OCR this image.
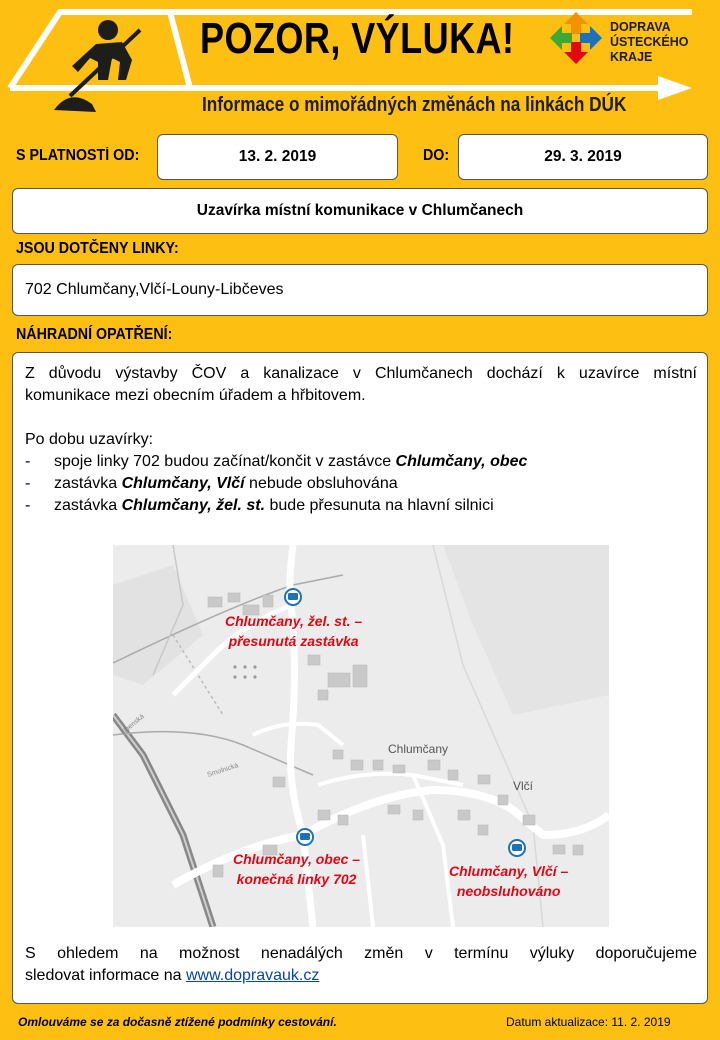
POZOR, VÝLUKA!
Informace o mimořádných změnách na linkách DÚK
DOPRAVA
ÚSTECKÉHO
KRAJE
S PLATNOSTÍ OD:	13. 2. 2019	DO:	29. 3. 2019
Uzavírka místní komunikace v Chlumčanech
JSOU DOTČENY LINKY:
702 Chlumčany,Vlčí-Louny-Libčeves
NÁHRADNÍ OPATŘENÍ:
Z důvodu výstavby ČOV a kanalizace v Chlumčanech dochází k uzavírce místní
komunikace mezi obecním úřadem a hřbitovem.
Po dobu uzavírky:
-	spoje linky 702 budou začínat/končit v zastávce Chlumčany, obec
-	zastávka Chlumčany, Vlčí nebude obsluhována
-	zastávka Chlumčany, žel. st. bude přesunuta na hlavní silnici
Chlumčany
Vlčí
Lipenská
Smolnická
Chlumčany, žel. st. –
přesunutá zastávka
Chlumčany, obec –
konečná linky 702	Chlumčany, Vlčí –
neobsluhováno
S ohledem na možnost nenadálých změn v termínu výluky doporučujeme
sledovat informace na www.dopravauk.cz
Omlouváme se za dočasně ztížené podmínky cestování.	Datum aktualizace: 11. 2. 2019
